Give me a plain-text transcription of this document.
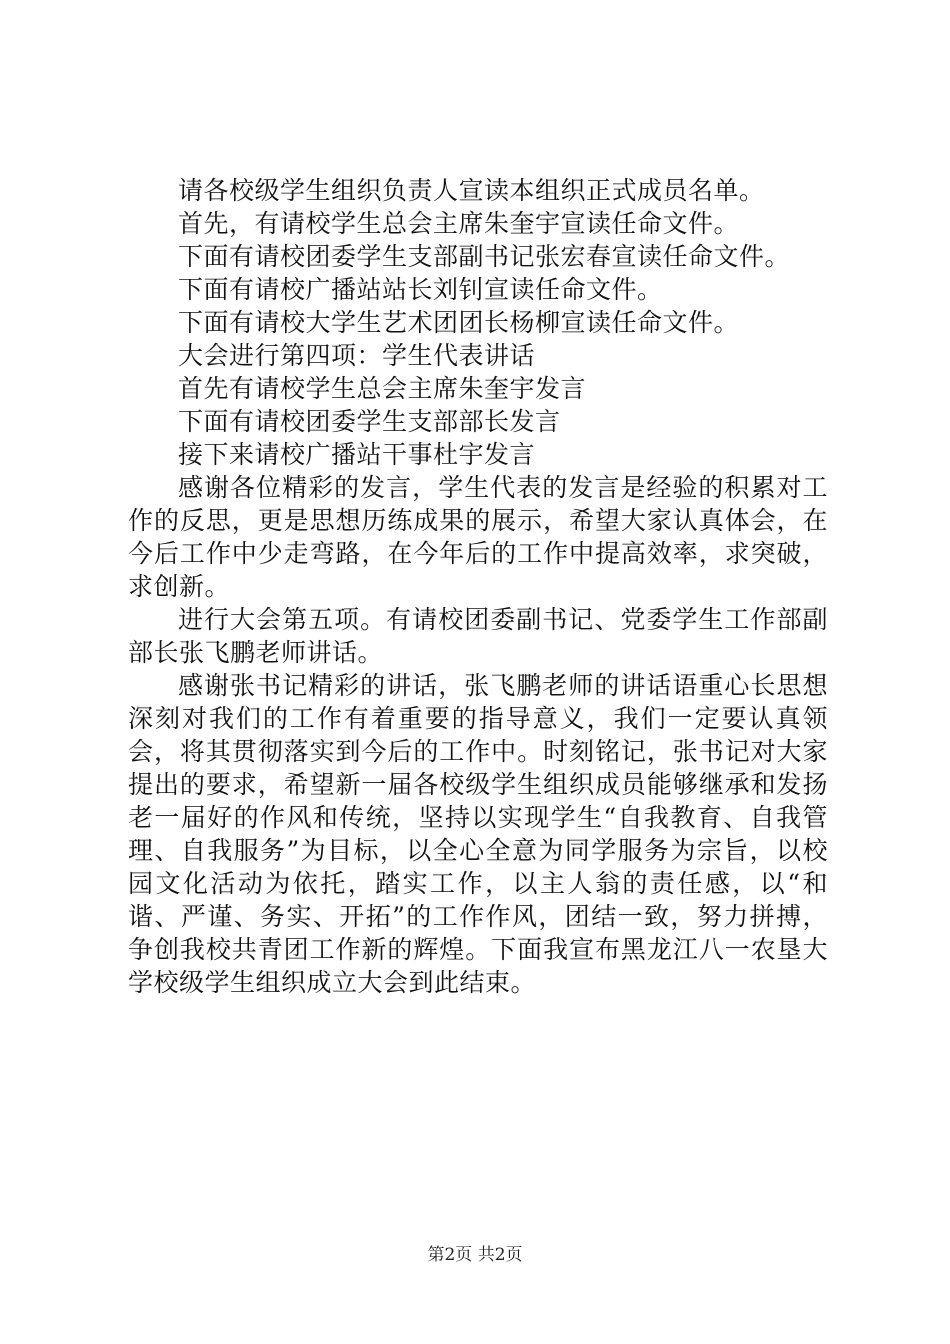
请各校级学生组织负责人宣读本组织正式成员名单。

首先，有请校学生总会主席朱奎宇宣读任命文件。

下面有请校团委学生支部副书记张宏春宣读任命文件。

下面有请校广播站站长刘钊宣读任命文件。

下面有请校大学生艺术团团长杨柳宣读任命文件。

大会进行第四项：学生代表讲话

首先有请校学生总会主席朱奎宇发言

下面有请校团委学生支部部长发言

接下来请校广播站干事杜宇发言

感谢各位精彩的发言，学生代表的发言是经验的积累对工作的反思，更是思想历练成果的展示，希望大家认真体会，在今后工作中少走弯路，在今年后的工作中提高效率，求突破，求创新。

进行大会第五项。有请校团委副书记、党委学生工作部副部长张飞鹏老师讲话。

感谢张书记精彩的讲话，张飞鹏老师的讲话语重心长思想深刻对我们的工作有着重要的指导意义，我们一定要认真领会，将其贯彻落实到今后的工作中。时刻铭记，张书记对大家提出的要求，希望新一届各校级学生组织成员能够继承和发扬老一届好的作风和传统，坚持以实现学生“自我教育、自我管理、自我服务”为目标，以全心全意为同学服务为宗旨，以校园文化活动为依托，踏实工作，以主人翁的责任感，以“和谐、严谨、务实、开拓”的工作作风，团结一致，努力拼搏，争创我校共青团工作新的辉煌。下面我宣布黑龙江八一农垦大学校级学生组织成立大会到此结束。

第2页 共2页
